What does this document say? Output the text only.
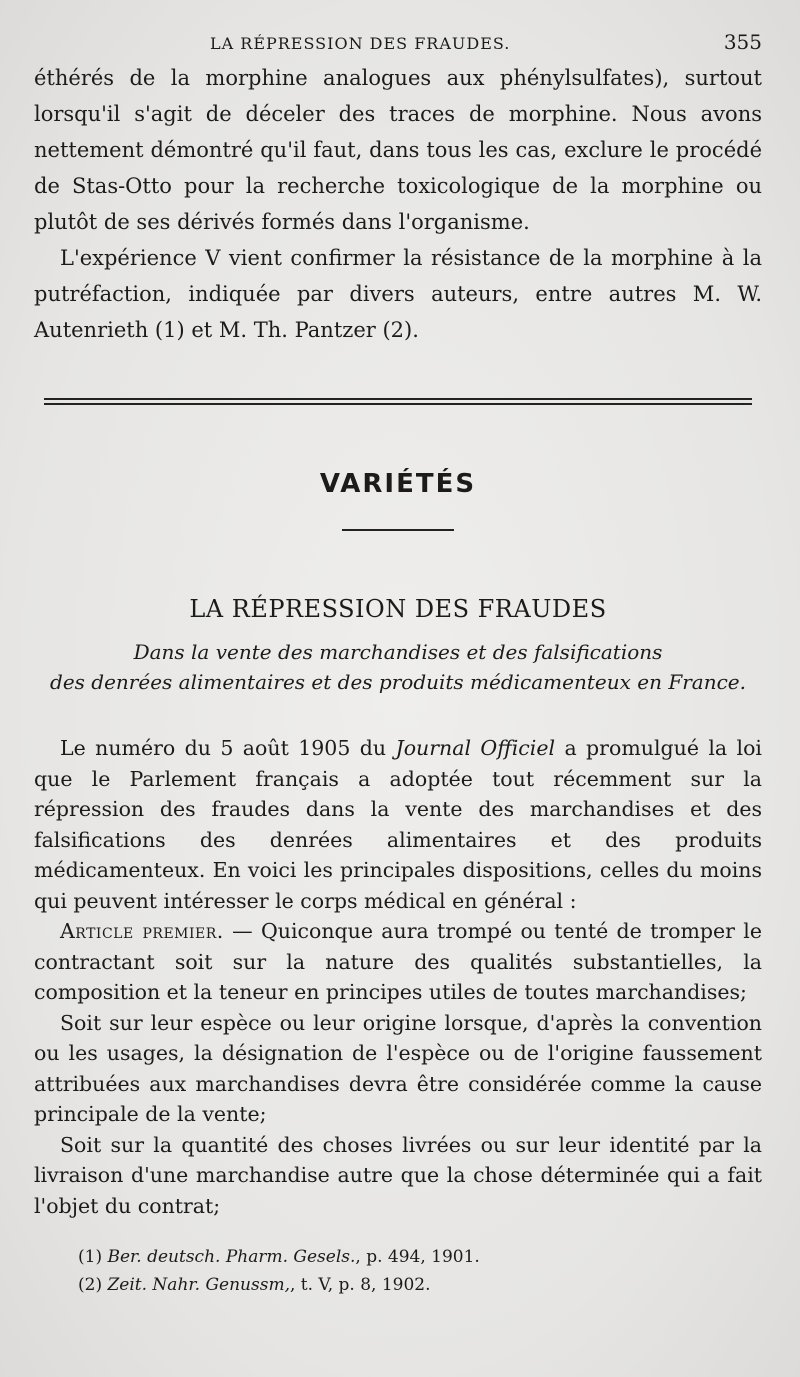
LA RÉPRESSION DES FRAUDES.	355

éthérés de la morphine analogues aux phénylsulfates), surtout lorsqu'il s'agit de déceler des traces de morphine. Nous avons nettement démontré qu'il faut, dans tous les cas, exclure le procédé de Stas-Otto pour la recherche toxicologique de la morphine ou plutôt de ses dérivés formés dans l'organisme.

L'expérience V vient confirmer la résistance de la morphine à la putréfaction, indiquée par divers auteurs, entre autres M. W. Autenrieth (1) et M. Th. Pantzer (2).

VARIÉTÉS
LA RÉPRESSION DES FRAUDES
Dans la vente des marchandises et des falsifications
des denrées alimentaires et des produits médicamenteux en France.

Le numéro du 5 août 1905 du Journal Officiel a promulgué la loi que le Parlement français a adoptée tout récemment sur la répression des fraudes dans la vente des marchandises et des falsifications des denrées alimentaires et des produits médicamenteux. En voici les principales dispositions, celles du moins qui peuvent intéresser le corps médical en général :

Article premier. — Quiconque aura trompé ou tenté de tromper le contractant soit sur la nature des qualités substantielles, la composition et la teneur en principes utiles de toutes marchandises;

Soit sur leur espèce ou leur origine lorsque, d'après la convention ou les usages, la désignation de l'espèce ou de l'origine faussement attribuées aux marchandises devra être considérée comme la cause principale de la vente;

Soit sur la quantité des choses livrées ou sur leur identité par la livraison d'une marchandise autre que la chose déterminée qui a fait l'objet du contrat;

(1) Ber. deutsch. Pharm. Gesels., p. 494, 1901.
(2) Zeit. Nahr. Genussm,, t. V, p. 8, 1902.
